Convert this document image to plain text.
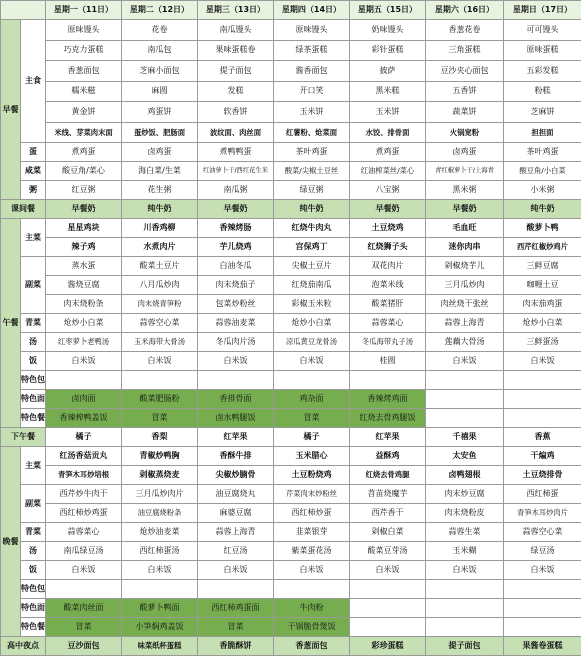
		星期一（11日）	星期二（12日）	星期三（13日）	星期四（14日）	星期五（15日）	星期六（16日）	星期日（17日）
早餐	主食	原味馒头	花卷	南瓜馒头	原味馒头	奶味馒头	香葱花卷	可可馒头
		巧克力蛋糕	南瓜包	果味蛋糕卷	绿茶蛋糕	彩针蛋糕	三角蛋糕	原味蛋糕
		香葱面包	芝麻小面包	提子面包	酱香面包	披萨	豆沙夹心面包	五彩发糕
		糯米糍	麻圆	发糕	开口笑	黑米糕	五香饼	粉糕
		黄金饼	鸡蛋饼	软香饼	玉米饼	玉米饼	蔬菜饼	芝麻饼
		米线、芽菜肉末面	蛋炒饭、肥肠面	波纹面、肉丝面	红薯粉、炝菜面	水饺、排骨面	火锅宽粉	担担面
	蛋	煮鸡蛋	卤鸡蛋	煮鸭鸭蛋	茶叶鸡蛋	煮鸡蛋	卤鸡蛋	茶叶鸡蛋
	咸菜	酸豆角/菜心	海白菜/生菜	红油萝卜干/西红花生米	酸菜/尖椒土豆丝	红油榨菜丝/菜心	青红椒萝卜干/上海青	酸豆角/小白菜
	粥	红豆粥	花生粥	南瓜粥	绿豆粥	八宝粥	黑米粥	小米粥
课间餐		早餐奶	纯牛奶	早餐奶	纯牛奶	早餐奶	早餐奶	纯牛奶
午餐	主菜	星星鸡块	川香鸡柳	香辣烤肠	红烧牛肉丸	土豆烧鸡	毛血旺	酸萝卜鸭
		辣子鸡	水煮肉片	芋儿烧鸡	宫保鸡丁	红烧狮子头	迷你肉串	西芹红椒炒鸡片
	副菜	蒸水蛋	酸菜土豆片	白油冬瓜	尖椒土豆片	双花肉片	剁椒烧芋儿	三鲜豆腐
		酱烧豆腐	八月瓜炒肉	肉末烧茄子	红烧茄南瓜	泡菜米线	三月瓜炒肉	咖喱土豆
		肉末烧粉条	肉末烧青笋粉	包菜炒粉丝	彩椒玉米粒	酸菜猪肝	肉丝烧干张丝	肉末茄鸡蛋
	青菜	炝炒小白菜	蒜蓉空心菜	蒜蓉油麦菜	炝炒小白菜	蒜蓉菜心	蒜蓉上海青	炝炒小白菜
	汤	红枣萝卜老鸭汤	玉米海带大骨汤	冬瓜肉片汤	凉瓜黄豆龙骨汤	冬瓜海带丸子汤	莲藕大骨汤	三鲜蛋汤
	饭	白米饭	白米饭	白米饭	白米饭	桂圆	白米饭	白米饭
	特色包							
	特色面	卤肉面	酸菜肥肠粉	香排骨面	鸡杂面	香辣烤鸡面		
	特色餐	香辣榨鸭盖饭	冒菜	卤水鸭腿饭	冒菜	红烧去骨鸡腿饭		
下午餐		橘子	香梨	红苹果	橘子	红苹果	千禧果	香蕉
晚餐	主菜	红汤香菇贡丸	青椒炒鸭胸	香酥牛排	玉米腊心	益酥鸡	太安鱼	干煸鸡
		青笋木耳炒培根	剁椒蒸烧麦	尖椒炒腩骨	土豆粉烧鸡	红烧去骨鸡腿	卤鸭翅根	土豆烧排骨
	副菜	西芹炒牛肉干	三月瓜炒肉片	油豆腐烧丸	芹菜肉末炒粉丝	苕苗烧魔芋	肉末炒豆腐	西红柿蛋
		西红柿炒鸡蛋	油豆腐烧粉条	麻婆豆腐	西红柿炒蛋	西芹香干	肉末烧粉皮	青笋木耳炒肉片
	青菜	蒜蓉菜心	炝炒油麦菜	蒜蓉上海青	韭菜银芽	剁椒白菜	蒜蓉生菜	蒜蓉空心菜
	汤	南瓜绿豆汤	西红柿蛋汤	红豆汤	紫菜蛋花汤	酸菜豆芽汤	玉米糊	绿豆汤
	饭	白米饭	白米饭	白米饭	白米饭	白米饭	白米饭	白米饭
	特色包							
	特色面	酸菜肉丝面	酸萝卜鸭面	西红柿鸡蛋面	牛肉粉			
	特色餐	冒菜	小笋焖鸡盖饭	冒菜	干锅脆骨煲饭			
高中夜点		豆沙面包	味菜纸杯蛋糕	香脆酥饼	香葱面包	彩珍蛋糕	提子面包	果酱卷蛋糕
